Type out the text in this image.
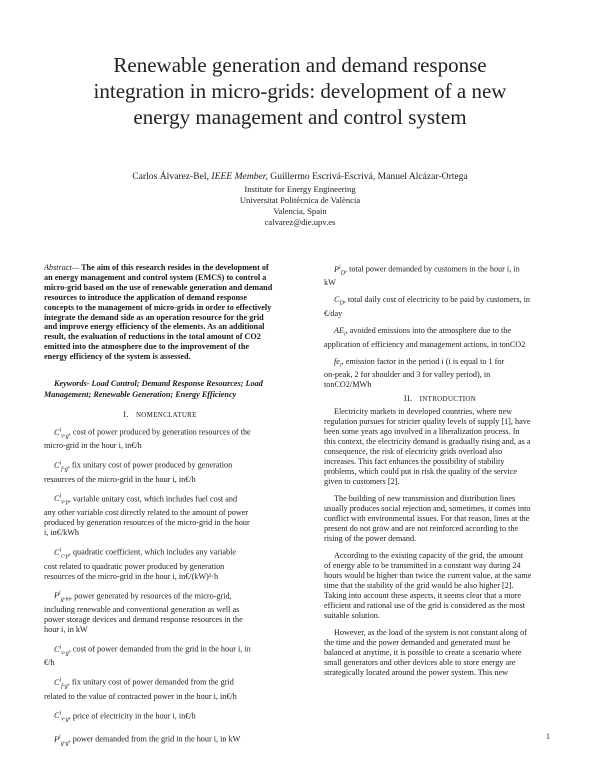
Renewable generation and demand response
integration in micro-grids: development of a new
energy management and control system
Carlos Álvarez-Bel, IEEE Member, Guillermo Escrivá-Escrivá, Manuel Alcázar-Ortega
Institute for Energy Engineering
Universitat Politècnica de València
Valencia, Spain
calvarez@die.upv.es
Abstract— The aim of this research resides in the development of
an energy management and control system (EMCS) to control a
micro-grid based on the use of renewable generation and demand
resources to introduce the application of demand response
concepts to the management of micro-grids in order to effectively
integrate the demand side as an operation resource for the grid
and improve energy efficiency of the elements. As an additional
result, the evaluation of reductions in the total amount of CO2
emitted into the atmosphere due to the improvement of the
energy efficiency of the system is assessed.
Keywords- Load Control; Demand Response Resources; Load
Management; Renewable Generation; Energy Efficiency
I. NOMENCLATURE
$C^i_{v-g}$, cost of power produced by generation resources of the
micro-grid in the hour i, in€/h
$C^i_{f-g}$, fix unitary cost of power produced by generation
resources of the micro-grid in the hour i, in€/h
$C^i_{v-p}$, variable unitary cost, which includes fuel cost and
any other variable cost directly related to the amount of power
produced by generation resources of the micro-grid in the hour
i, in€/kWh
$C^i_{c-p}$, quadratic coefficient, which includes any variable
cost related to quadratic power produced by generation
resources of the micro-grid in the hour i, in€/(kW)²·h
$P^i_{g-m}$, power generated by resources of the micro-grid,
including renewable and conventional generation as well as
power storage devices and demand response resources in the
hour i, in kW
$C^i_{v-g}$, cost of power demanded from the grid in the hour i, in
€/h
$C^i_{f-g}$, fix unitary cost of power demanded from the grid
related to the value of contracted power in the hour i, in€/h
$C^i_{v-g}$, price of electricity in the hour i, in€/h
$P^i_{g-g}$, power demanded from the grid in the hour i, in kW
$P^i_D$, total power demanded by customers in the hour i, in
kW
$C_D$, total daily cost of electricity to be paid by customers, in
€/day
$AE_i$, avoided emissions into the atmosphere due to the
application of efficiency and management actions, in tonCO2
$fe_i$, emission factor in the period i (i is equal to 1 for
on-peak, 2 for shoulder and 3 for valley period), in
tonCO2/MWh
II. INTRODUCTION
Electricity markets in developed countries, where new
regulation pursues for stricter quality levels of supply [1], have
been some years ago involved in a liberalization process. In
this context, the electricity demand is gradually rising and, as a
consequence, the risk of electricity grids overload also
increases. This fact enhances the possibility of stability
problems, which could put in risk the quality of the service
given to customers [2].
The building of new transmission and distribution lines
usually produces social rejection and, sometimes, it comes into
conflict with environmental issues. For that reason, lines at the
present do not grow and are not reinforced according to the
rising of the power demand.
According to the existing capacity of the grid, the amount
of energy able to be transmitted in a constant way during 24
hours would be higher than twice the current value, at the same
time that the stability of the grid would be also higher [2].
Taking into account these aspects, it seems clear that a more
efficient and rational use of the grid is considered as the most
suitable solution.
However, as the load of the system is not constant along of
the time and the power demanded and generated must be
balanced at anytime, it is possible to create a scenario where
small generators and other devices able to store energy are
strategically located around the power system. This new
1
